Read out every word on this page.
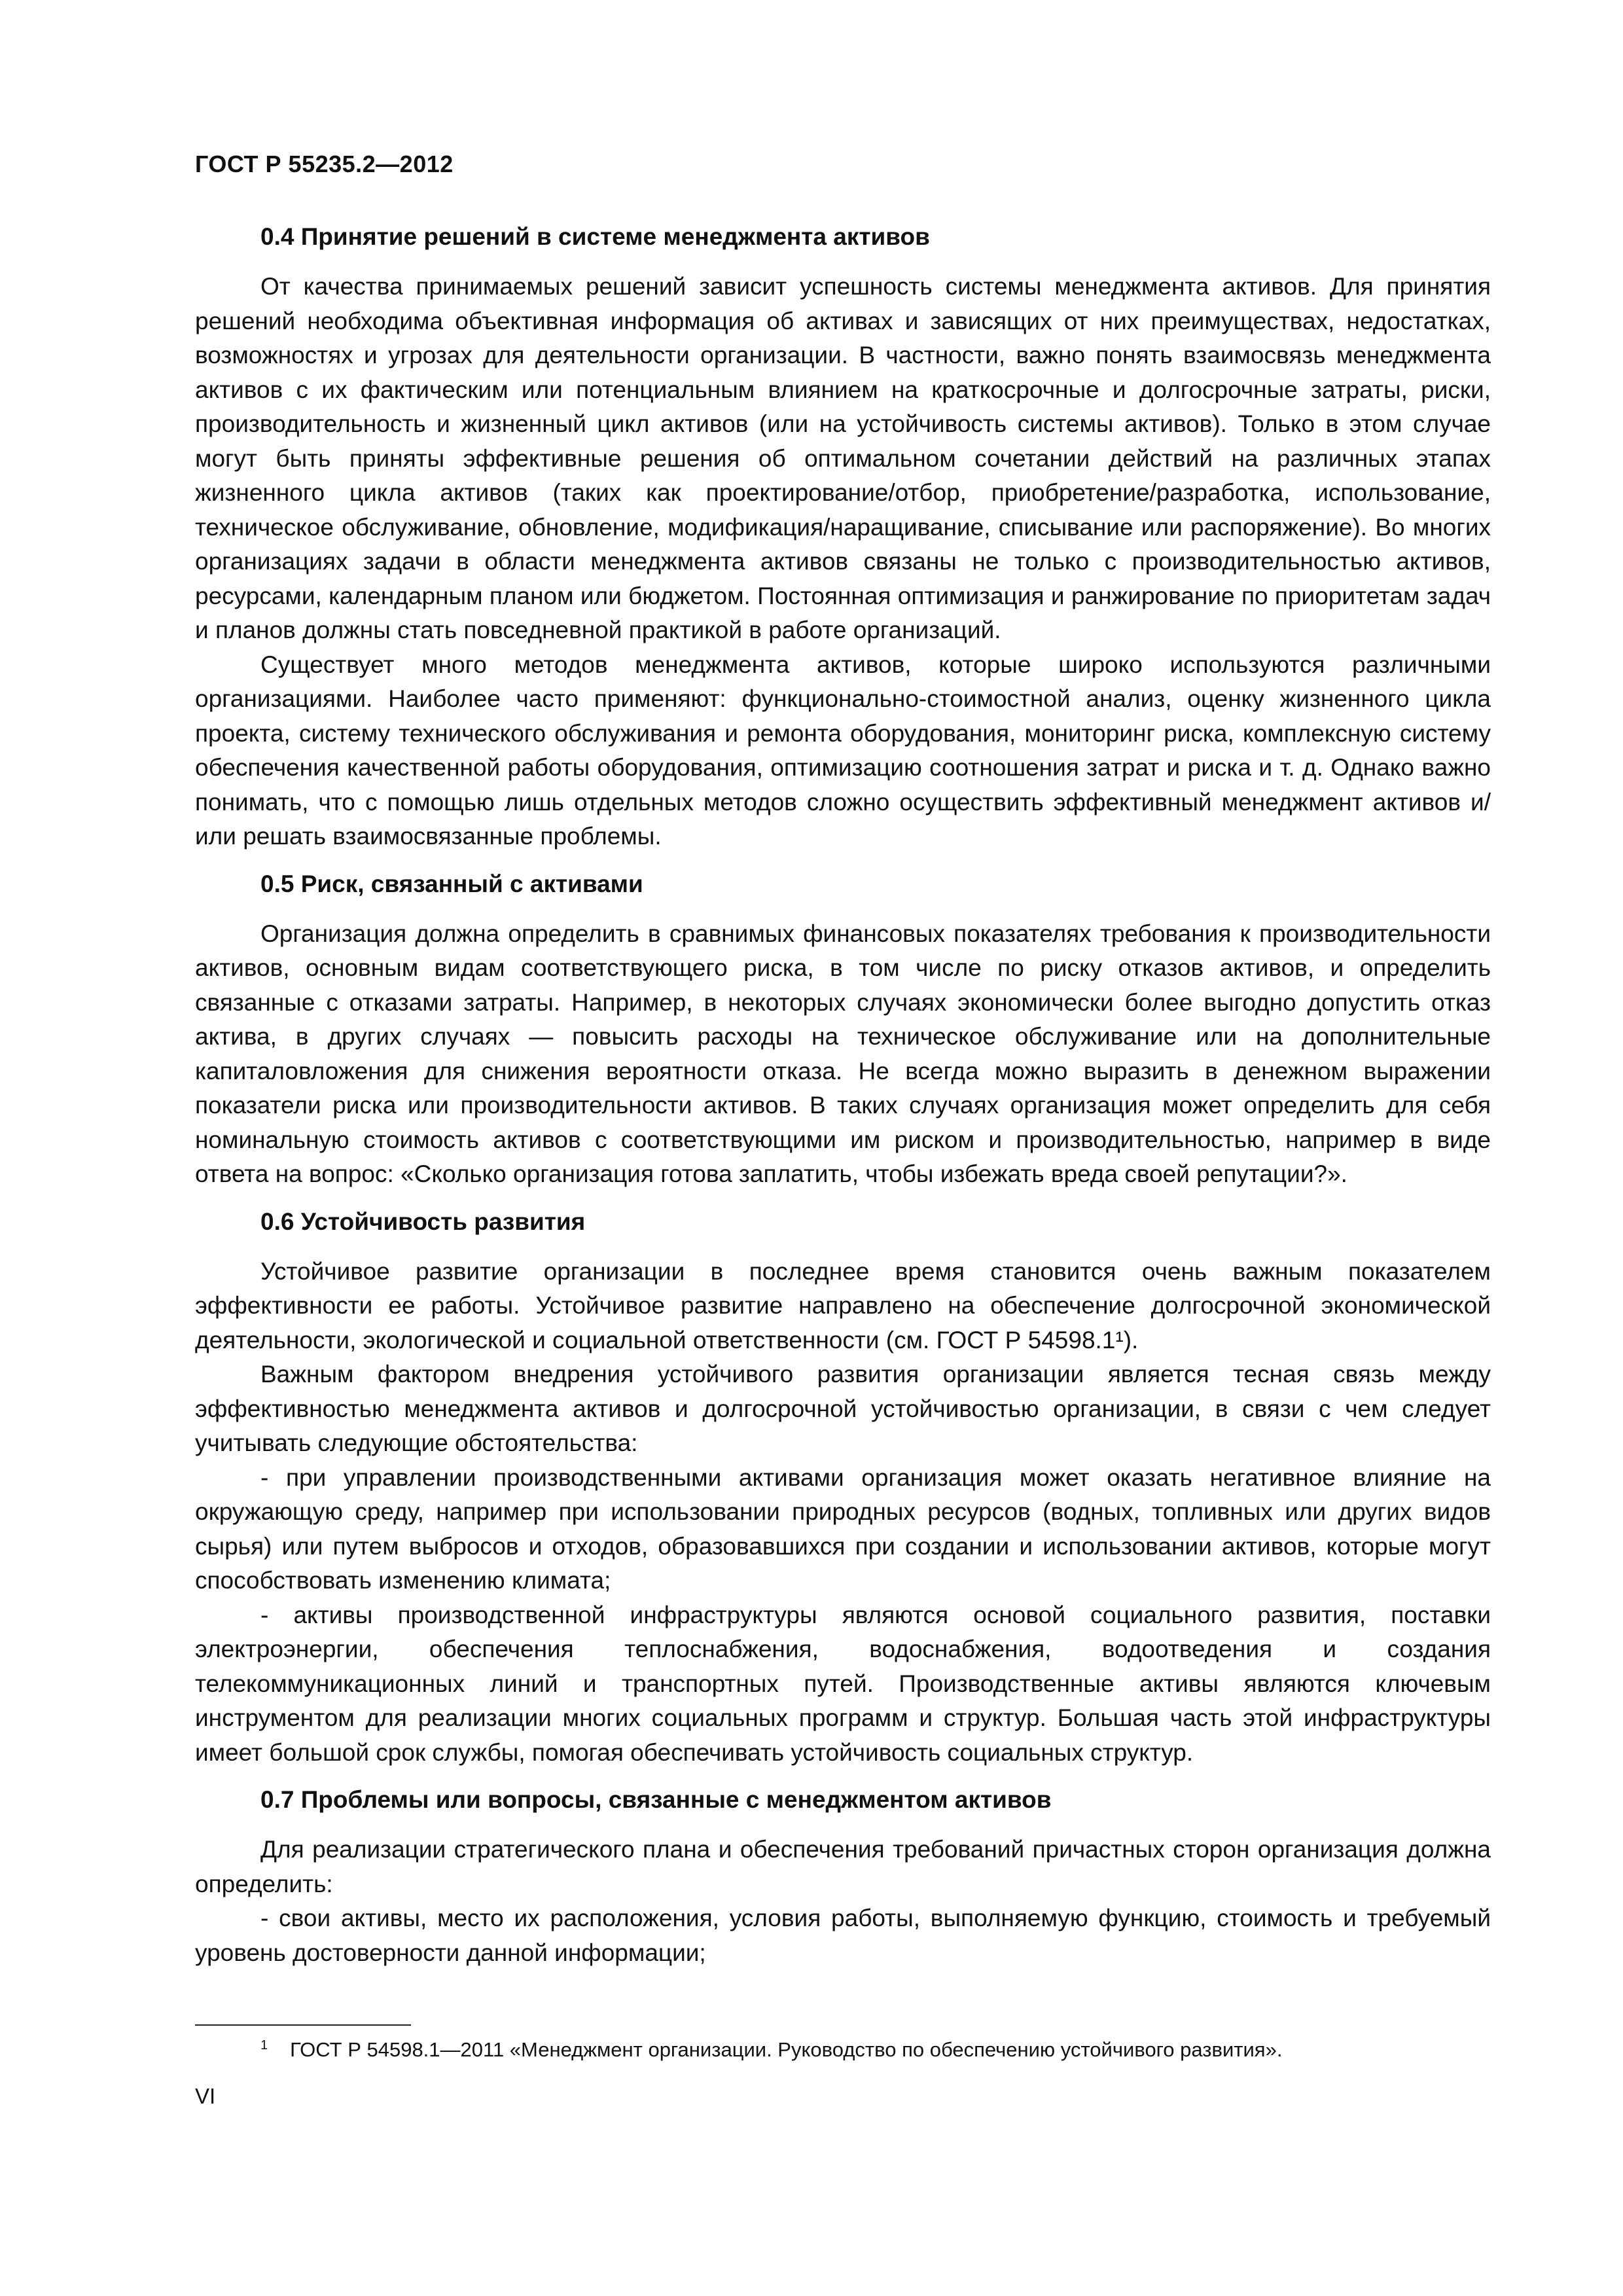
ГОСТ Р 55235.2—2012
0.4 Принятие решений в системе менеджмента активов

От качества принимаемых решений зависит успешность системы менеджмента активов. Для принятия решений необходима объективная информация об активах и зависящих от них преимуществах, недостатках, возможностях и угрозах для деятельности организации. В частности, важно понять взаимосвязь менеджмента активов с их фактическим или потенциальным влиянием на краткосрочные и долгосрочные затраты, риски, производительность и жизненный цикл активов (или на устойчивость системы активов). Только в этом случае могут быть приняты эффективные решения об оптимальном сочетании действий на различных этапах жизненного цикла активов (таких как проектирование/отбор, приобретение/разработка, использование, техническое обслуживание, обновление, модификация/наращивание, списывание или распоряжение). Во многих организациях задачи в области менеджмента активов связаны не только с производительностью активов, ресурсами, календарным планом или бюджетом. Постоянная оптимизация и ранжирование по приоритетам задач и планов должны стать повседневной практикой в работе организаций.

Существует много методов менеджмента активов, которые широко используются различными организациями. Наиболее часто применяют: функционально-стоимостной анализ, оценку жизненного цикла проекта, систему технического обслуживания и ремонта оборудования, мониторинг риска, комплексную систему обеспечения качественной работы оборудования, оптимизацию соотношения затрат и риска и т. д. Однако важно понимать, что с помощью лишь отдельных методов сложно осуществить эффективный менеджмент активов и/или решать взаимосвязанные проблемы.

0.5 Риск, связанный с активами

Организация должна определить в сравнимых финансовых показателях требования к производительности активов, основным видам соответствующего риска, в том числе по риску отказов активов, и определить связанные с отказами затраты. Например, в некоторых случаях экономически более выгодно допустить отказ актива, в других случаях — повысить расходы на техническое обслуживание или на дополнительные капиталовложения для снижения вероятности отказа. Не всегда можно выразить в денежном выражении показатели риска или производительности активов. В таких случаях организация может определить для себя номинальную стоимость активов с соответствующими им риском и производительностью, например в виде ответа на вопрос: «Сколько организация готова заплатить, чтобы избежать вреда своей репутации?».

0.6 Устойчивость развития

Устойчивое развитие организации в последнее время становится очень важным показателем эффективности ее работы. Устойчивое развитие направлено на обеспечение долгосрочной экономической деятельности, экологической и социальной ответственности (см. ГОСТ Р 54598.1¹).

Важным фактором внедрения устойчивого развития организации является тесная связь между эффективностью менеджмента активов и долгосрочной устойчивостью организации, в связи с чем следует учитывать следующие обстоятельства:

- при управлении производственными активами организация может оказать негативное влияние на окружающую среду, например при использовании природных ресурсов (водных, топливных или других видов сырья) или путем выбросов и отходов, образовавшихся при создании и использовании активов, которые могут способствовать изменению климата;

- активы производственной инфраструктуры являются основой социального развития, поставки электроэнергии, обеспечения теплоснабжения, водоснабжения, водоотведения и создания телекоммуникационных линий и транспортных путей. Производственные активы являются ключевым инструментом для реализации многих социальных программ и структур. Большая часть этой инфраструктуры имеет большой срок службы, помогая обеспечивать устойчивость социальных структур.

0.7 Проблемы или вопросы, связанные с менеджментом активов

Для реализации стратегического плана и обеспечения требований причастных сторон организация должна определить:

- свои активы, место их расположения, условия работы, выполняемую функцию, стоимость и требуемый уровень достоверности данной информации;

$^1$ ГОСТ Р 54598.1—2011 «Менеджмент организации. Руководство по обеспечению устойчивого развития».
VI
